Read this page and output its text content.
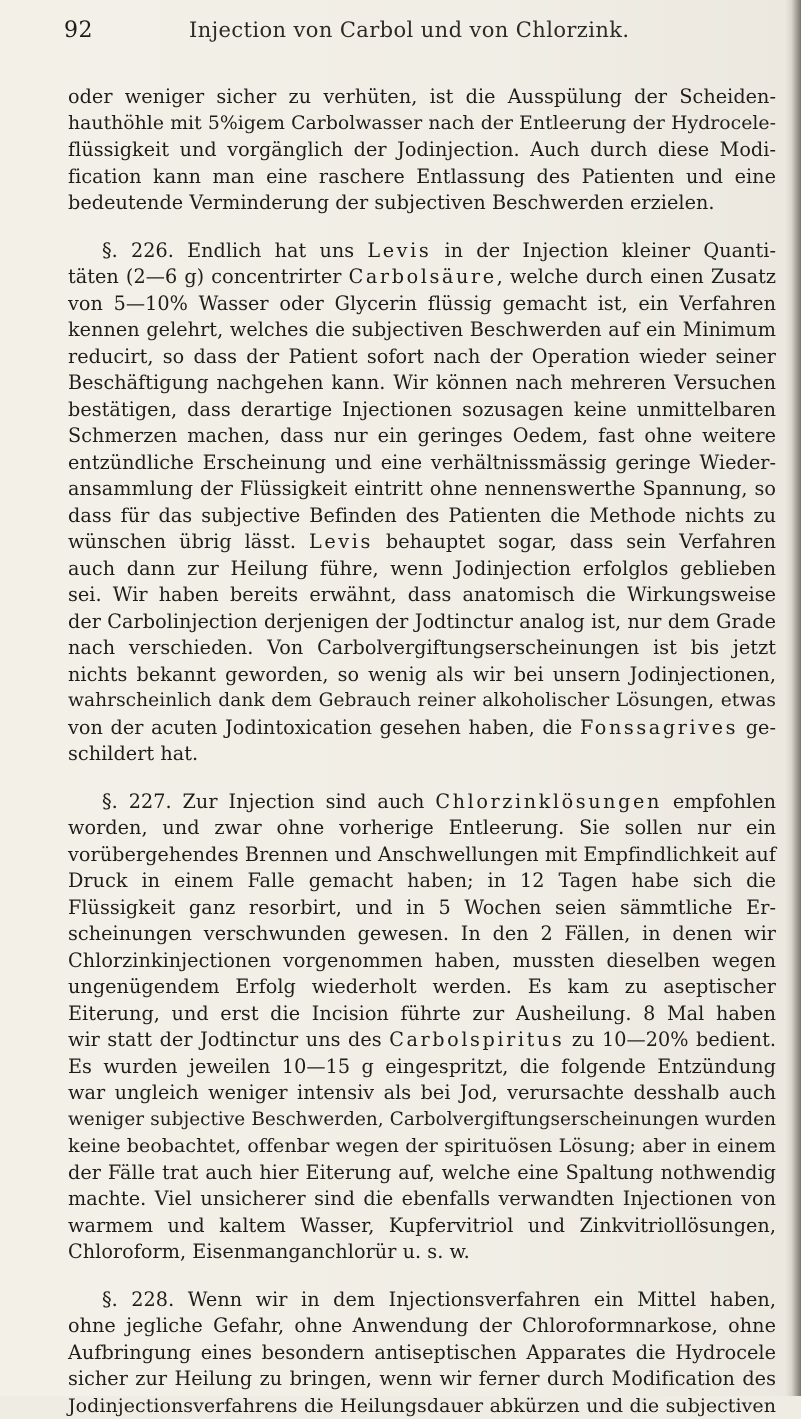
92	Injection von Carbol und von Chlorzink.
oder weniger sicher zu verhüten, ist die Ausspülung der Scheiden-
hauthöhle mit 5%igem Carbolwasser nach der Entleerung der Hydrocele-
flüssigkeit und vorgänglich der Jodinjection. Auch durch diese Modi-
fication kann man eine raschere Entlassung des Patienten und eine
bedeutende Verminderung der subjectiven Beschwerden erzielen.
§. 226. Endlich hat uns Levis in der Injection kleiner Quanti-
täten (2—6 g) concentrirter Carbolsäure, welche durch einen Zusatz
von 5—10% Wasser oder Glycerin flüssig gemacht ist, ein Verfahren
kennen gelehrt, welches die subjectiven Beschwerden auf ein Minimum
reducirt, so dass der Patient sofort nach der Operation wieder seiner
Beschäftigung nachgehen kann. Wir können nach mehreren Versuchen
bestätigen, dass derartige Injectionen sozusagen keine unmittelbaren
Schmerzen machen, dass nur ein geringes Oedem, fast ohne weitere
entzündliche Erscheinung und eine verhältnissmässig geringe Wieder-
ansammlung der Flüssigkeit eintritt ohne nennenswerthe Spannung, so
dass für das subjective Befinden des Patienten die Methode nichts zu
wünschen übrig lässt. Levis behauptet sogar, dass sein Verfahren
auch dann zur Heilung führe, wenn Jodinjection erfolglos geblieben
sei. Wir haben bereits erwähnt, dass anatomisch die Wirkungsweise
der Carbolinjection derjenigen der Jodtinctur analog ist, nur dem Grade
nach verschieden. Von Carbolvergiftungserscheinungen ist bis jetzt
nichts bekannt geworden, so wenig als wir bei unsern Jodinjectionen,
wahrscheinlich dank dem Gebrauch reiner alkoholischer Lösungen, etwas
von der acuten Jodintoxication gesehen haben, die Fonssagrives ge-
schildert hat.
§. 227. Zur Injection sind auch Chlorzinklösungen empfohlen
worden, und zwar ohne vorherige Entleerung. Sie sollen nur ein
vorübergehendes Brennen und Anschwellungen mit Empfindlichkeit auf
Druck in einem Falle gemacht haben; in 12 Tagen habe sich die
Flüssigkeit ganz resorbirt, und in 5 Wochen seien sämmtliche Er-
scheinungen verschwunden gewesen. In den 2 Fällen, in denen wir
Chlorzinkinjectionen vorgenommen haben, mussten dieselben wegen
ungenügendem Erfolg wiederholt werden. Es kam zu aseptischer
Eiterung, und erst die Incision führte zur Ausheilung. 8 Mal haben
wir statt der Jodtinctur uns des Carbolspiritus zu 10—20% bedient.
Es wurden jeweilen 10—15 g eingespritzt, die folgende Entzündung
war ungleich weniger intensiv als bei Jod, verursachte desshalb auch
weniger subjective Beschwerden, Carbolvergiftungserscheinungen wurden
keine beobachtet, offenbar wegen der spirituösen Lösung; aber in einem
der Fälle trat auch hier Eiterung auf, welche eine Spaltung nothwendig
machte. Viel unsicherer sind die ebenfalls verwandten Injectionen von
warmem und kaltem Wasser, Kupfervitriol und Zinkvitriollösungen,
Chloroform, Eisenmanganchlorür u. s. w.
§. 228. Wenn wir in dem Injectionsverfahren ein Mittel haben,
ohne jegliche Gefahr, ohne Anwendung der Chloroformnarkose, ohne
Aufbringung eines besondern antiseptischen Apparates die Hydrocele
sicher zur Heilung zu bringen, wenn wir ferner durch Modification des
Jodinjectionsverfahrens die Heilungsdauer abkürzen und die subjectiven
